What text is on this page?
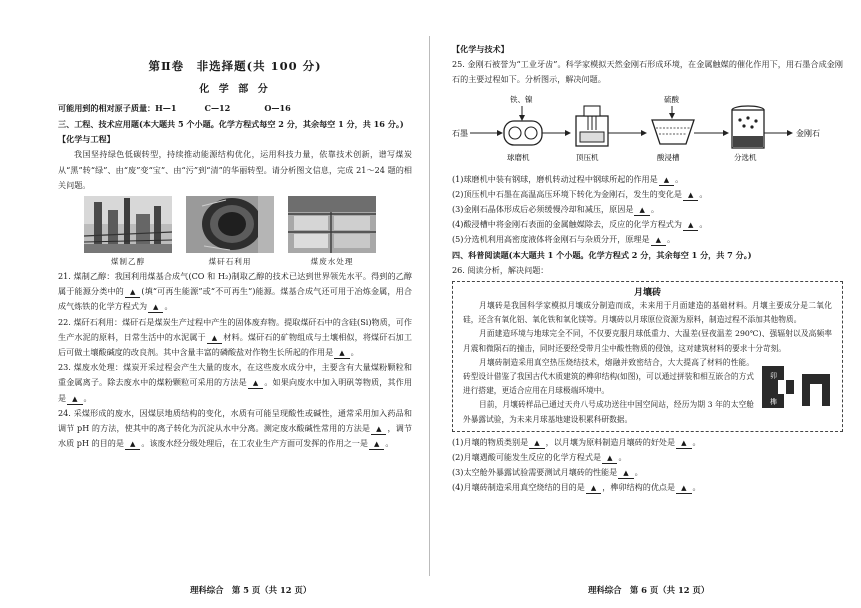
第Ⅱ卷　非选择题(共 100 分)

化 学 部 分

可能用到的相对原子质量：H—1	C—12	O—16

三、工程、技术应用题(本大题共 5 个小题。化学方程式每空 2 分，其余每空 1 分，共 16 分。)

【化学与工程】

我国坚持绿色低碳转型，持续推动能源结构优化，运用科技力量，依靠技术创新，谱写煤炭从“黑”转“绿”、由“废”变“宝”、由“污”到“清”的华丽转型。请分析图文信息，完成 21～24 题的相关问题。

煤制乙醇	煤矸石利用	煤废水处理

21. 煤制乙醇：我国利用煤基合成气(CO 和 H₂)制取乙醇的技术已达到世界领先水平。得到的乙醇属于能源分类中的 ▲ (填“可再生能源”或“不可再生”)能源。煤基合成气还可用于冶炼金属，用合成气炼铁的化学方程式为 ▲ 。

22. 煤矸石利用：煤矸石是煤炭生产过程中产生的固体废弃物。提取煤矸石中的含硅(Si)物质，可作生产水泥的原料，日常生活中的水泥属于 ▲ 材料。煤矸石的矿物组成与土壤相似，将煤矸石加工后可做土壤酸碱度的改良剂。其中含量丰富的磷酸盐对作物生长所起的作用是 ▲ 。

23. 煤废水处理：煤炭开采过程会产生大量的废水，在这些废水成分中，主要含有大量煤粉颗粒和重金属离子。除去废水中的煤粉颗粒可采用的方法是 ▲ 。如果向废水中加入明矾等物质，其作用是 ▲ 。

24. 采煤形成的废水，因煤层地质结构的变化，水质有可能呈现酸性或碱性，通常采用加入药品和调节 pH 的方法，使其中的离子转化为沉淀从水中分离。测定废水酸碱性常用的方法是 ▲ ，调节水质 pH 的目的是 ▲ 。该废水经分级处理后，在工农业生产方面可发挥的作用之一是 ▲ 。

理科综合　第 5 页（共 12 页）

【化学与技术】

25. 金刚石被誉为“工业牙齿”。科学家模拟天然金刚石形成环境，在金属触媒的催化作用下，用石墨合成金刚石的主要过程如下。分析图示，解决问题。

石墨
铁、镍
球磨机	顶压机
硫酸
酸浸槽	分选机
金刚石

(1)球磨机中装有钢球，磨机转动过程中钢球所起的作用是 ▲ 。

(2)顶压机中石墨在高温高压环境下转化为金刚石，发生的变化是 ▲ 。

(3)金刚石晶体形成后必须缓慢冷却和减压，原因是 ▲ 。

(4)酸浸槽中将金刚石表面的金属触媒除去，反应的化学方程式为 ▲ 。

(5)分选机利用高密度液体将金刚石与杂质分开，原理是 ▲ 。

四、科普阅读题(本大题共 1 个小题。化学方程式 2 分，其余每空 1 分，共 7 分。)

26. 阅读分析，解决问题：

月壤砖

月壤砖是我国科学家模拟月壤成分制造而成，未来用于月面建造的基础材料。月壤主要成分是二氧化硅，还含有氧化铝、氧化铁和氧化镁等。月壤砖以月球原位资源为原料，制造过程不添加其他物质。

月面建造环境与地球完全不同，不仅要克服月球低重力、大温差(昼夜温差 290℃)、强辐射以及高频率月震和微陨石的撞击，同时还要经受带月尘中酸性物质的侵蚀，这对建筑材料的要求十分苛刻。

卯
榫

月壤砖制造采用真空热压烧结技术，熔融并致密结合，大大提高了材料的性能。砖型设计借鉴了我国古代木质建筑的榫卯结构(如图)，可以通过拼装和相互嵌合的方式进行搭建，更适合应用在月球极端环境中。

目前，月壤砖样品已通过天舟八号成功送往中国空间站，经历为期 3 年的太空舱外暴露试验，为未来月球基地建设积累科研数据。

(1)月壤的物质类别是 ▲ ，以月壤为原料制造月壤砖的好处是 ▲ 。

(2)月壤遇酸可能发生反应的化学方程式是 ▲ 。

(3)太空舱外暴露试验需要测试月壤砖的性能是 ▲ 。

(4)月壤砖制造采用真空烧结的目的是 ▲ ，榫卯结构的优点是 ▲ 。

理科综合　第 6 页（共 12 页）
